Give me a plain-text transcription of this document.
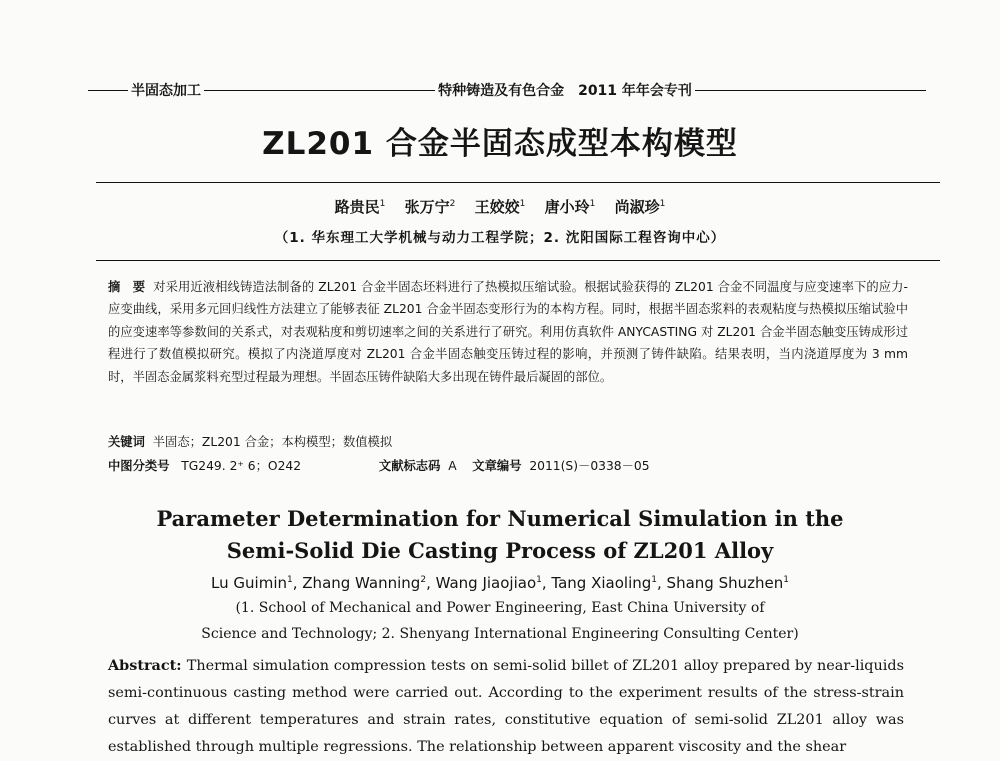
半固态加工	特种铸造及有色合金　2011 年年会专刊
ZL201 合金半固态成型本构模型
路贵民$^1$ 张万宁$^2$ 王姣姣$^1$ 唐小玲$^1$ 尚淑珍$^1$
（1. 华东理工大学机械与动力工程学院；2. 沈阳国际工程咨询中心）
摘　要 对采用近液相线铸造法制备的 ZL201 合金半固态坯料进行了热模拟压缩试验。根据试验获得的 ZL201 合金不同温度与应变速率下的应力-应变曲线，采用多元回归线性方法建立了能够表征 ZL201 合金半固态变形行为的本构方程。同时，根据半固态浆料的表观粘度与热模拟压缩试验中的应变速率等参数间的关系式，对表观粘度和剪切速率之间的关系进行了研究。利用仿真软件 ANYCASTING 对 ZL201 合金半固态触变压铸成形过程进行了数值模拟研究。模拟了内浇道厚度对 ZL201 合金半固态触变压铸过程的影响，并预测了铸件缺陷。结果表明，当内浇道厚度为 3 mm 时，半固态金属浆料充型过程最为理想。半固态压铸件缺陷大多出现在铸件最后凝固的部位。
关键词 半固态；ZL201 合金；本构模型；数值模拟
中图分类号 TG249. 2⁺ 6；O242	文献标志码 A 文章编号 2011(S)－0338－05
Parameter Determination for Numerical Simulation in the
Semi-Solid Die Casting Process of ZL201 Alloy
Lu Guimin$^1$, Zhang Wanning$^2$, Wang Jiaojiao$^1$, Tang Xiaoling$^1$, Shang Shuzhen$^1$
(1. School of Mechanical and Power Engineering, East China University of
Science and Technology; 2. Shenyang International Engineering Consulting Center)
Abstract: Thermal simulation compression tests on semi-solid billet of ZL201 alloy prepared by near-liquids semi-continuous casting method were carried out. According to the experiment results of the stress-strain curves at different temperatures and strain rates, constitutive equation of semi-solid ZL201 alloy was established through multiple regressions. The relationship between apparent viscosity and the shear
